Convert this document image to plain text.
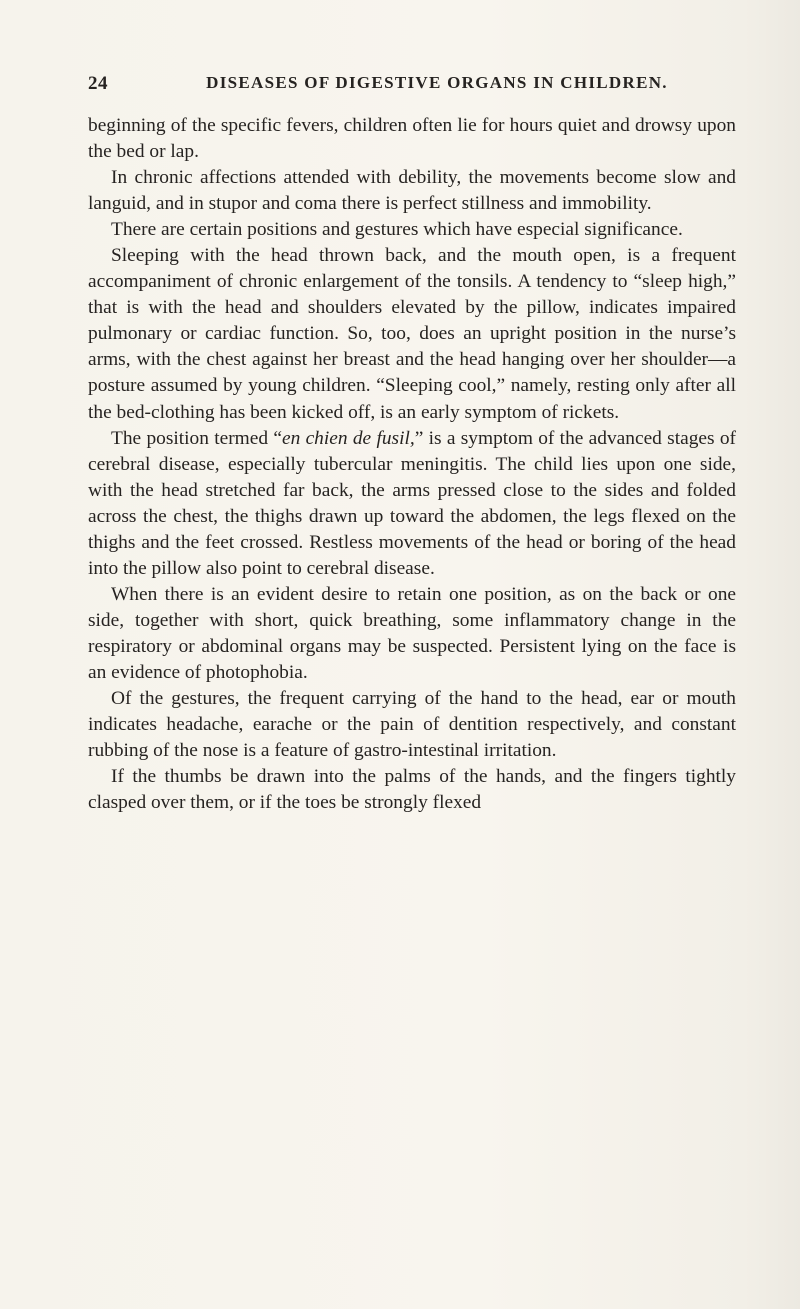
24	DISEASES OF DIGESTIVE ORGANS IN CHILDREN.

beginning of the specific fevers, children often lie for hours quiet and drowsy upon the bed or lap.

In chronic affections attended with debility, the movements become slow and languid, and in stupor and coma there is perfect stillness and immobility.

There are certain positions and gestures which have especial significance.

Sleeping with the head thrown back, and the mouth open, is a frequent accompaniment of chronic enlargement of the tonsils. A tendency to “sleep high,” that is with the head and shoulders elevated by the pillow, indicates impaired pulmonary or cardiac function. So, too, does an upright position in the nurse’s arms, with the chest against her breast and the head hanging over her shoulder—a posture assumed by young children. “Sleeping cool,” namely, resting only after all the bed-clothing has been kicked off, is an early symptom of rickets.

The position termed “en chien de fusil,” is a symptom of the advanced stages of cerebral disease, especially tubercular meningitis. The child lies upon one side, with the head stretched far back, the arms pressed close to the sides and folded across the chest, the thighs drawn up toward the abdomen, the legs flexed on the thighs and the feet crossed. Restless movements of the head or boring of the head into the pillow also point to cerebral disease.

When there is an evident desire to retain one position, as on the back or one side, together with short, quick breathing, some inflammatory change in the respiratory or abdominal organs may be suspected. Persistent lying on the face is an evidence of photophobia.

Of the gestures, the frequent carrying of the hand to the head, ear or mouth indicates headache, earache or the pain of dentition respectively, and constant rubbing of the nose is a feature of gastro-intestinal irritation.

If the thumbs be drawn into the palms of the hands, and the fingers tightly clasped over them, or if the toes be strongly flexed
